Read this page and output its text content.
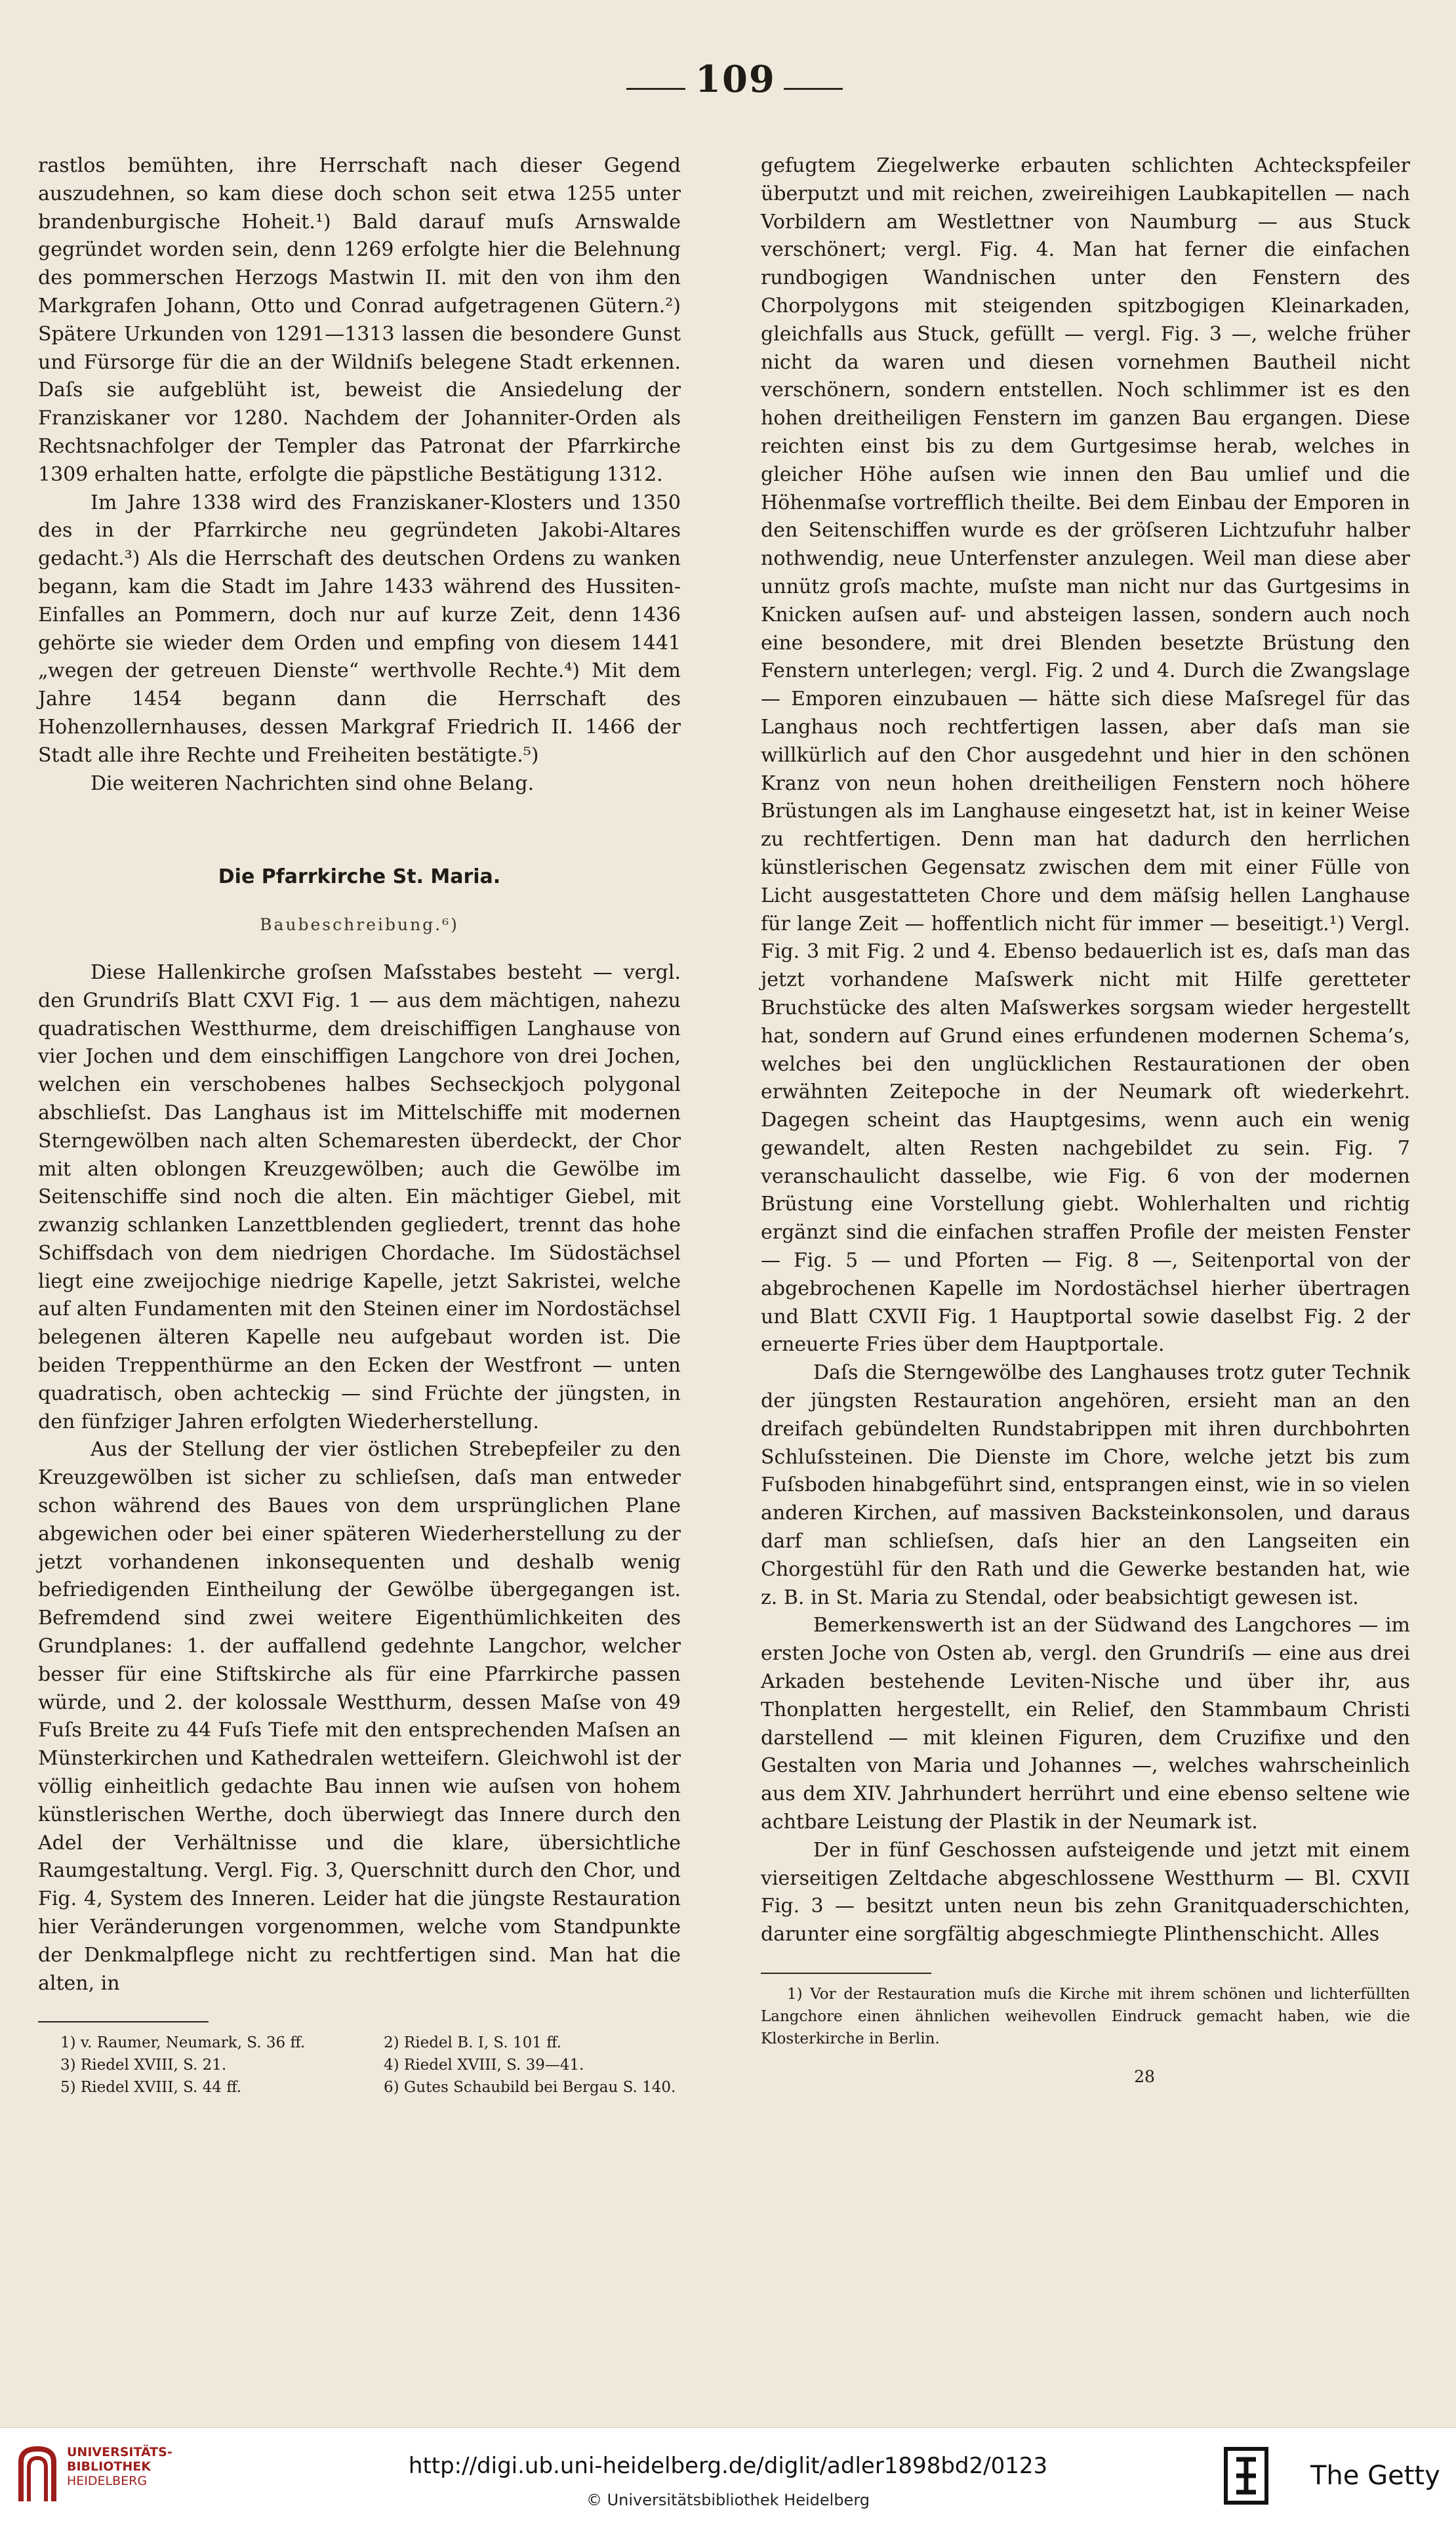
109

rastlos bemühten, ihre Herrschaft nach dieser Gegend auszudehnen, so kam diese doch schon seit etwa 1255 unter brandenburgische Hoheit.¹) Bald darauf muſs Arnswalde gegründet worden sein, denn 1269 erfolgte hier die Belehnung des pommerschen Herzogs Mastwin II. mit den von ihm den Markgrafen Johann, Otto und Conrad aufgetragenen Gütern.²) Spätere Urkunden von 1291—1313 lassen die besondere Gunst und Fürsorge für die an der Wildniſs belegene Stadt erkennen. Daſs sie aufgeblüht ist, beweist die Ansiedelung der Franziskaner vor 1280. Nachdem der Johanniter-Orden als Rechtsnachfolger der Templer das Patronat der Pfarrkirche 1309 erhalten hatte, erfolgte die päpstliche Bestätigung 1312.

Im Jahre 1338 wird des Franziskaner-Klosters und 1350 des in der Pfarrkirche neu gegründeten Jakobi-Altares gedacht.³) Als die Herrschaft des deutschen Ordens zu wanken begann, kam die Stadt im Jahre 1433 während des Hussiten-Einfalles an Pommern, doch nur auf kurze Zeit, denn 1436 gehörte sie wieder dem Orden und empfing von diesem 1441 „wegen der getreuen Dienste“ werthvolle Rechte.⁴) Mit dem Jahre 1454 begann dann die Herrschaft des Hohenzollernhauses, dessen Markgraf Friedrich II. 1466 der Stadt alle ihre Rechte und Freiheiten bestätigte.⁵)

Die weiteren Nachrichten sind ohne Belang.

Die Pfarrkirche St. Maria.
Baubeschreibung.⁶)

Diese Hallenkirche groſsen Maſsstabes besteht — vergl. den Grundriſs Blatt CXVI Fig. 1 — aus dem mächtigen, nahezu quadratischen Westthurme, dem dreischiffigen Langhause von vier Jochen und dem einschiffigen Langchore von drei Jochen, welchen ein verschobenes halbes Sechseckjoch polygonal abschlieſst. Das Langhaus ist im Mittelschiffe mit modernen Sterngewölben nach alten Schemaresten überdeckt, der Chor mit alten oblongen Kreuzgewölben; auch die Gewölbe im Seitenschiffe sind noch die alten. Ein mächtiger Giebel, mit zwanzig schlanken Lanzettblenden gegliedert, trennt das hohe Schiffsdach von dem niedrigen Chordache. Im Südostächsel liegt eine zweijochige niedrige Kapelle, jetzt Sakristei, welche auf alten Fundamenten mit den Steinen einer im Nordostächsel belegenen älteren Kapelle neu aufgebaut worden ist. Die beiden Treppenthürme an den Ecken der Westfront — unten quadratisch, oben achteckig — sind Früchte der jüngsten, in den fünfziger Jahren erfolgten Wiederherstellung.

Aus der Stellung der vier östlichen Strebepfeiler zu den Kreuzgewölben ist sicher zu schlieſsen, daſs man entweder schon während des Baues von dem ursprünglichen Plane abgewichen oder bei einer späteren Wiederherstellung zu der jetzt vorhandenen inkonsequenten und deshalb wenig befriedigenden Eintheilung der Gewölbe übergegangen ist. Befremdend sind zwei weitere Eigenthümlichkeiten des Grundplanes: 1. der auffallend gedehnte Langchor, welcher besser für eine Stiftskirche als für eine Pfarrkirche passen würde, und 2. der kolossale Westthurm, dessen Maſse von 49 Fuſs Breite zu 44 Fuſs Tiefe mit den entsprechenden Maſsen an Münsterkirchen und Kathedralen wetteifern. Gleichwohl ist der völlig einheitlich gedachte Bau innen wie auſsen von hohem künstlerischen Werthe, doch überwiegt das Innere durch den Adel der Verhältnisse und die klare, übersichtliche Raumgestaltung. Vergl. Fig. 3, Querschnitt durch den Chor, und Fig. 4, System des Inneren. Leider hat die jüngste Restauration hier Veränderungen vorgenommen, welche vom Standpunkte der Denkmalpflege nicht zu rechtfertigen sind. Man hat die alten, in

1) v. Raumer, Neumark, S. 36 ff.	2) Riedel B. I, S. 101 ff.
3) Riedel XVIII, S. 21.	4) Riedel XVIII, S. 39—41.
5) Riedel XVIII, S. 44 ff.	6) Gutes Schaubild bei Bergau S. 140.

gefugtem Ziegelwerke erbauten schlichten Achteckspfeiler überputzt und mit reichen, zweireihigen Laubkapitellen — nach Vorbildern am Westlettner von Naumburg — aus Stuck verschönert; vergl. Fig. 4. Man hat ferner die einfachen rundbogigen Wandnischen unter den Fenstern des Chorpolygons mit steigenden spitzbogigen Kleinarkaden, gleichfalls aus Stuck, gefüllt — vergl. Fig. 3 —, welche früher nicht da waren und diesen vornehmen Bautheil nicht verschönern, sondern entstellen. Noch schlimmer ist es den hohen dreitheiligen Fenstern im ganzen Bau ergangen. Diese reichten einst bis zu dem Gurtgesimse herab, welches in gleicher Höhe auſsen wie innen den Bau umlief und die Höhenmaſse vortrefflich theilte. Bei dem Einbau der Emporen in den Seitenschiffen wurde es der gröſseren Lichtzufuhr halber nothwendig, neue Unterfenster anzulegen. Weil man diese aber unnütz groſs machte, muſste man nicht nur das Gurtgesims in Knicken auſsen auf- und absteigen lassen, sondern auch noch eine besondere, mit drei Blenden besetzte Brüstung den Fenstern unterlegen; vergl. Fig. 2 und 4. Durch die Zwangslage — Emporen einzubauen — hätte sich diese Maſsregel für das Langhaus noch rechtfertigen lassen, aber daſs man sie willkürlich auf den Chor ausgedehnt und hier in den schönen Kranz von neun hohen dreitheiligen Fenstern noch höhere Brüstungen als im Langhause eingesetzt hat, ist in keiner Weise zu rechtfertigen. Denn man hat dadurch den herrlichen künstlerischen Gegensatz zwischen dem mit einer Fülle von Licht ausgestatteten Chore und dem mäſsig hellen Langhause für lange Zeit — hoffentlich nicht für immer — beseitigt.¹) Vergl. Fig. 3 mit Fig. 2 und 4. Ebenso bedauerlich ist es, daſs man das jetzt vorhandene Maſswerk nicht mit Hilfe geretteter Bruchstücke des alten Maſswerkes sorgsam wieder hergestellt hat, sondern auf Grund eines erfundenen modernen Schema’s, welches bei den unglücklichen Restaurationen der oben erwähnten Zeitepoche in der Neumark oft wiederkehrt. Dagegen scheint das Hauptgesims, wenn auch ein wenig gewandelt, alten Resten nachgebildet zu sein. Fig. 7 veranschaulicht dasselbe, wie Fig. 6 von der modernen Brüstung eine Vorstellung giebt. Wohlerhalten und richtig ergänzt sind die einfachen straffen Profile der meisten Fenster — Fig. 5 — und Pforten — Fig. 8 —, Seitenportal von der abgebrochenen Kapelle im Nordostächsel hierher übertragen und Blatt CXVII Fig. 1 Hauptportal sowie daselbst Fig. 2 der erneuerte Fries über dem Hauptportale.

Daſs die Sterngewölbe des Langhauses trotz guter Technik der jüngsten Restauration angehören, ersieht man an den dreifach gebündelten Rundstabrippen mit ihren durchbohrten Schluſssteinen. Die Dienste im Chore, welche jetzt bis zum Fuſsboden hinabgeführt sind, entsprangen einst, wie in so vielen anderen Kirchen, auf massiven Backsteinkonsolen, und daraus darf man schlieſsen, daſs hier an den Langseiten ein Chorgestühl für den Rath und die Gewerke bestanden hat, wie z. B. in St. Maria zu Stendal, oder beabsichtigt gewesen ist.

Bemerkenswerth ist an der Südwand des Langchores — im ersten Joche von Osten ab, vergl. den Grundriſs — eine aus drei Arkaden bestehende Leviten-Nische und über ihr, aus Thonplatten hergestellt, ein Relief, den Stammbaum Christi darstellend — mit kleinen Figuren, dem Cruzifixe und den Gestalten von Maria und Johannes —, welches wahrscheinlich aus dem XIV. Jahrhundert herrührt und eine ebenso seltene wie achtbare Leistung der Plastik in der Neumark ist.

Der in fünf Geschossen aufsteigende und jetzt mit einem vierseitigen Zeltdache abgeschlossene Westthurm — Bl. CXVII Fig. 3 — besitzt unten neun bis zehn Granitquaderschichten, darunter eine sorgfältig abgeschmiegte Plinthenschicht. Alles

1) Vor der Restauration muſs die Kirche mit ihrem schönen und lichterfüllten Langchore einen ähnlichen weihevollen Eindruck gemacht haben, wie die Klosterkirche in Berlin.
28
UNIVERSITÄTS-
BIBLIOTHEK
HEIDELBERG
http://digi.ub.uni-heidelberg.de/diglit/adler1898bd2/0123
© Universitätsbibliothek Heidelberg
The Getty
